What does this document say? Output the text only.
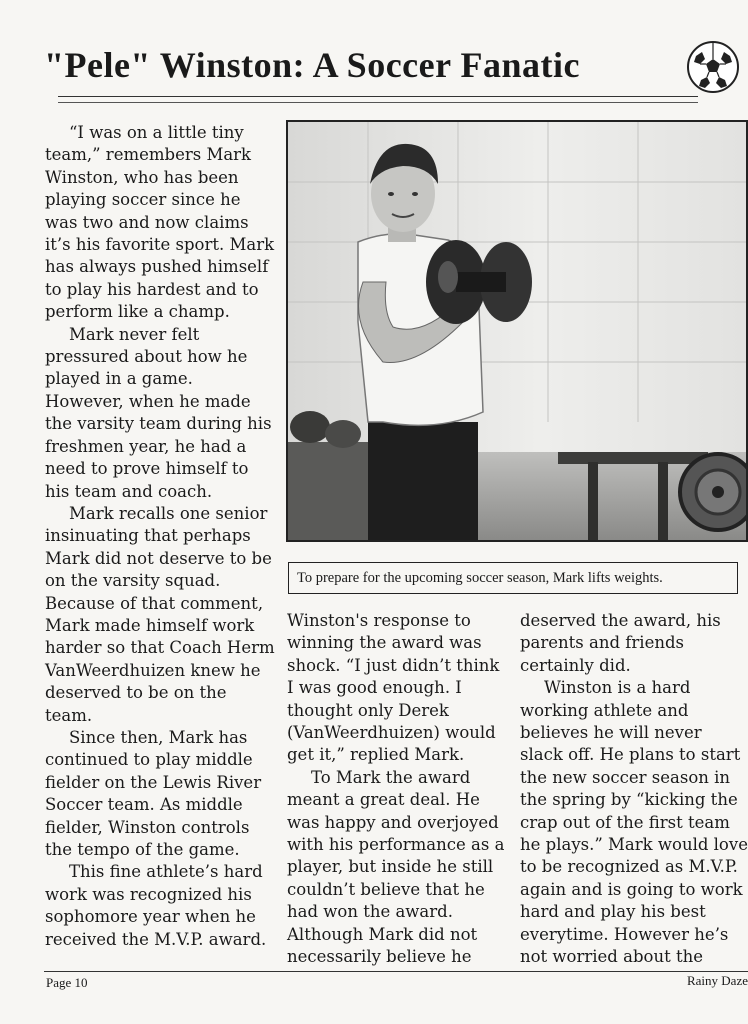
"Pele" Winston: A Soccer Fanatic

“I was on a little tiny team,” remembers Mark Winston, who has been playing soccer since he was two and now claims it’s his favorite sport. Mark has always pushed himself to play his hardest and to perform like a champ.

Mark never felt pressured about how he played in a game. However, when he made the varsity team during his freshmen year, he had a need to prove himself to his team and coach.

Mark recalls one senior insinuating that perhaps Mark did not deserve to be on the varsity squad. Because of that comment, Mark made himself work harder so that Coach Herm VanWeerdhuizen knew he deserved to be on the team.

Since then, Mark has continued to play middle fielder on the Lewis River Soccer team. As middle fielder, Winston controls the tempo of the game.

This fine athlete’s hard work was recognized his sophomore year when he received the M.V.P. award.

To prepare for the upcoming soccer season, Mark lifts weights.

Winston's response to winning the award was shock. “I just didn’t think I was good enough. I thought only Derek (VanWeerdhuizen) would get it,” replied Mark.

To Mark the award meant a great deal. He was happy and overjoyed with his performance as a player, but inside he still couldn’t believe that he had won the award. Although Mark did not necessarily believe he

deserved the award, his parents and friends certainly did.

Winston is a hard working athlete and believes he will never slack off. He plans to start the new soccer season in the spring by “kicking the crap out of the first team he plays.” Mark would love to be recognized as M.V.P. again and is going to work hard and play his best everytime. However he’s not worried about the

Page 10	Rainy Daze
